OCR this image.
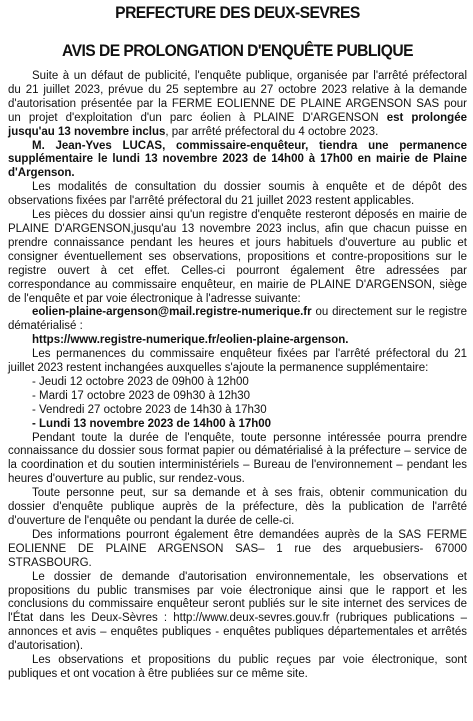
PREFECTURE DES DEUX-SEVRES
AVIS DE PROLONGATION D'ENQUÊTE PUBLIQUE

Suite à un défaut de publicité, l'enquête publique, organisée par l'arrêté préfectoral du 21 juillet 2023, prévue du 25 septembre au 27 octobre 2023 relative à la demande d'autorisation présentée par la FERME EOLIENNE DE PLAINE ARGENSON SAS pour un projet d'exploitation d'un parc éolien à PLAINE D'ARGENSON est prolongée jusqu'au 13 novembre inclus, par arrêté préfectoral du 4 octobre 2023.

M. Jean-Yves LUCAS, commissaire-enquêteur, tiendra une permanence supplémentaire le lundi 13 novembre 2023 de 14h00 à 17h00 en mairie de Plaine d'Argenson.

Les modalités de consultation du dossier soumis à enquête et de dépôt des observations fixées par l'arrêté préfectoral du 21 juillet 2023 restent applicables.

Les pièces du dossier ainsi qu'un registre d'enquête resteront déposés en mairie de PLAINE D'ARGENSON,jusqu'au 13 novembre 2023 inclus, afin que chacun puisse en prendre connaissance pendant les heures et jours habituels d'ouverture au public et consigner éventuellement ses observations, propositions et contre-propositions sur le registre ouvert à cet effet. Celles-ci pourront également être adressées par correspondance au commissaire enquêteur, en mairie de PLAINE D'ARGENSON, siège de l'enquête et par voie électronique à l'adresse suivante:

eolien-plaine-argenson@mail.registre-numerique.fr ou directement sur le registre dématérialisé :

https://www.registre-numerique.fr/eolien-plaine-argenson.

Les permanences du commissaire enquêteur fixées par l'arrêté préfectoral du 21 juillet 2023 restent inchangées auxquelles s'ajoute la permanence supplémentaire:

- Jeudi 12 octobre 2023 de 09h00 à 12h00
- Mardi 17 octobre 2023 de 09h30 à 12h30
- Vendredi 27 octobre 2023 de 14h30 à 17h30
- Lundi 13 novembre 2023 de 14h00 à 17h00

Pendant toute la durée de l'enquête, toute personne intéressée pourra prendre connaissance du dossier sous format papier ou dématérialisé à la préfecture – service de la coordination et du soutien interministériels – Bureau de l'environnement – pendant les heures d'ouverture au public, sur rendez-vous.

Toute personne peut, sur sa demande et à ses frais, obtenir communication du dossier d'enquête publique auprès de la préfecture, dès la publication de l'arrêté d'ouverture de l'enquête ou pendant la durée de celle-ci.

Des informations pourront également être demandées auprès de la SAS FERME EOLIENNE DE PLAINE ARGENSON SAS– 1 rue des arquebusiers- 67000 STRASBOURG.

Le dossier de demande d'autorisation environnementale, les observations et propositions du public transmises par voie électronique ainsi que le rapport et les conclusions du commissaire enquêteur seront publiés sur le site internet des services de l'État dans les Deux-Sèvres : http://www.deux-sevres.gouv.fr (rubriques publications – annonces et avis – enquêtes publiques - enquêtes publiques départementales et arrêtés d'autorisation).

Les observations et propositions du public reçues par voie électronique, sont publiques et ont vocation à être publiées sur ce même site.
